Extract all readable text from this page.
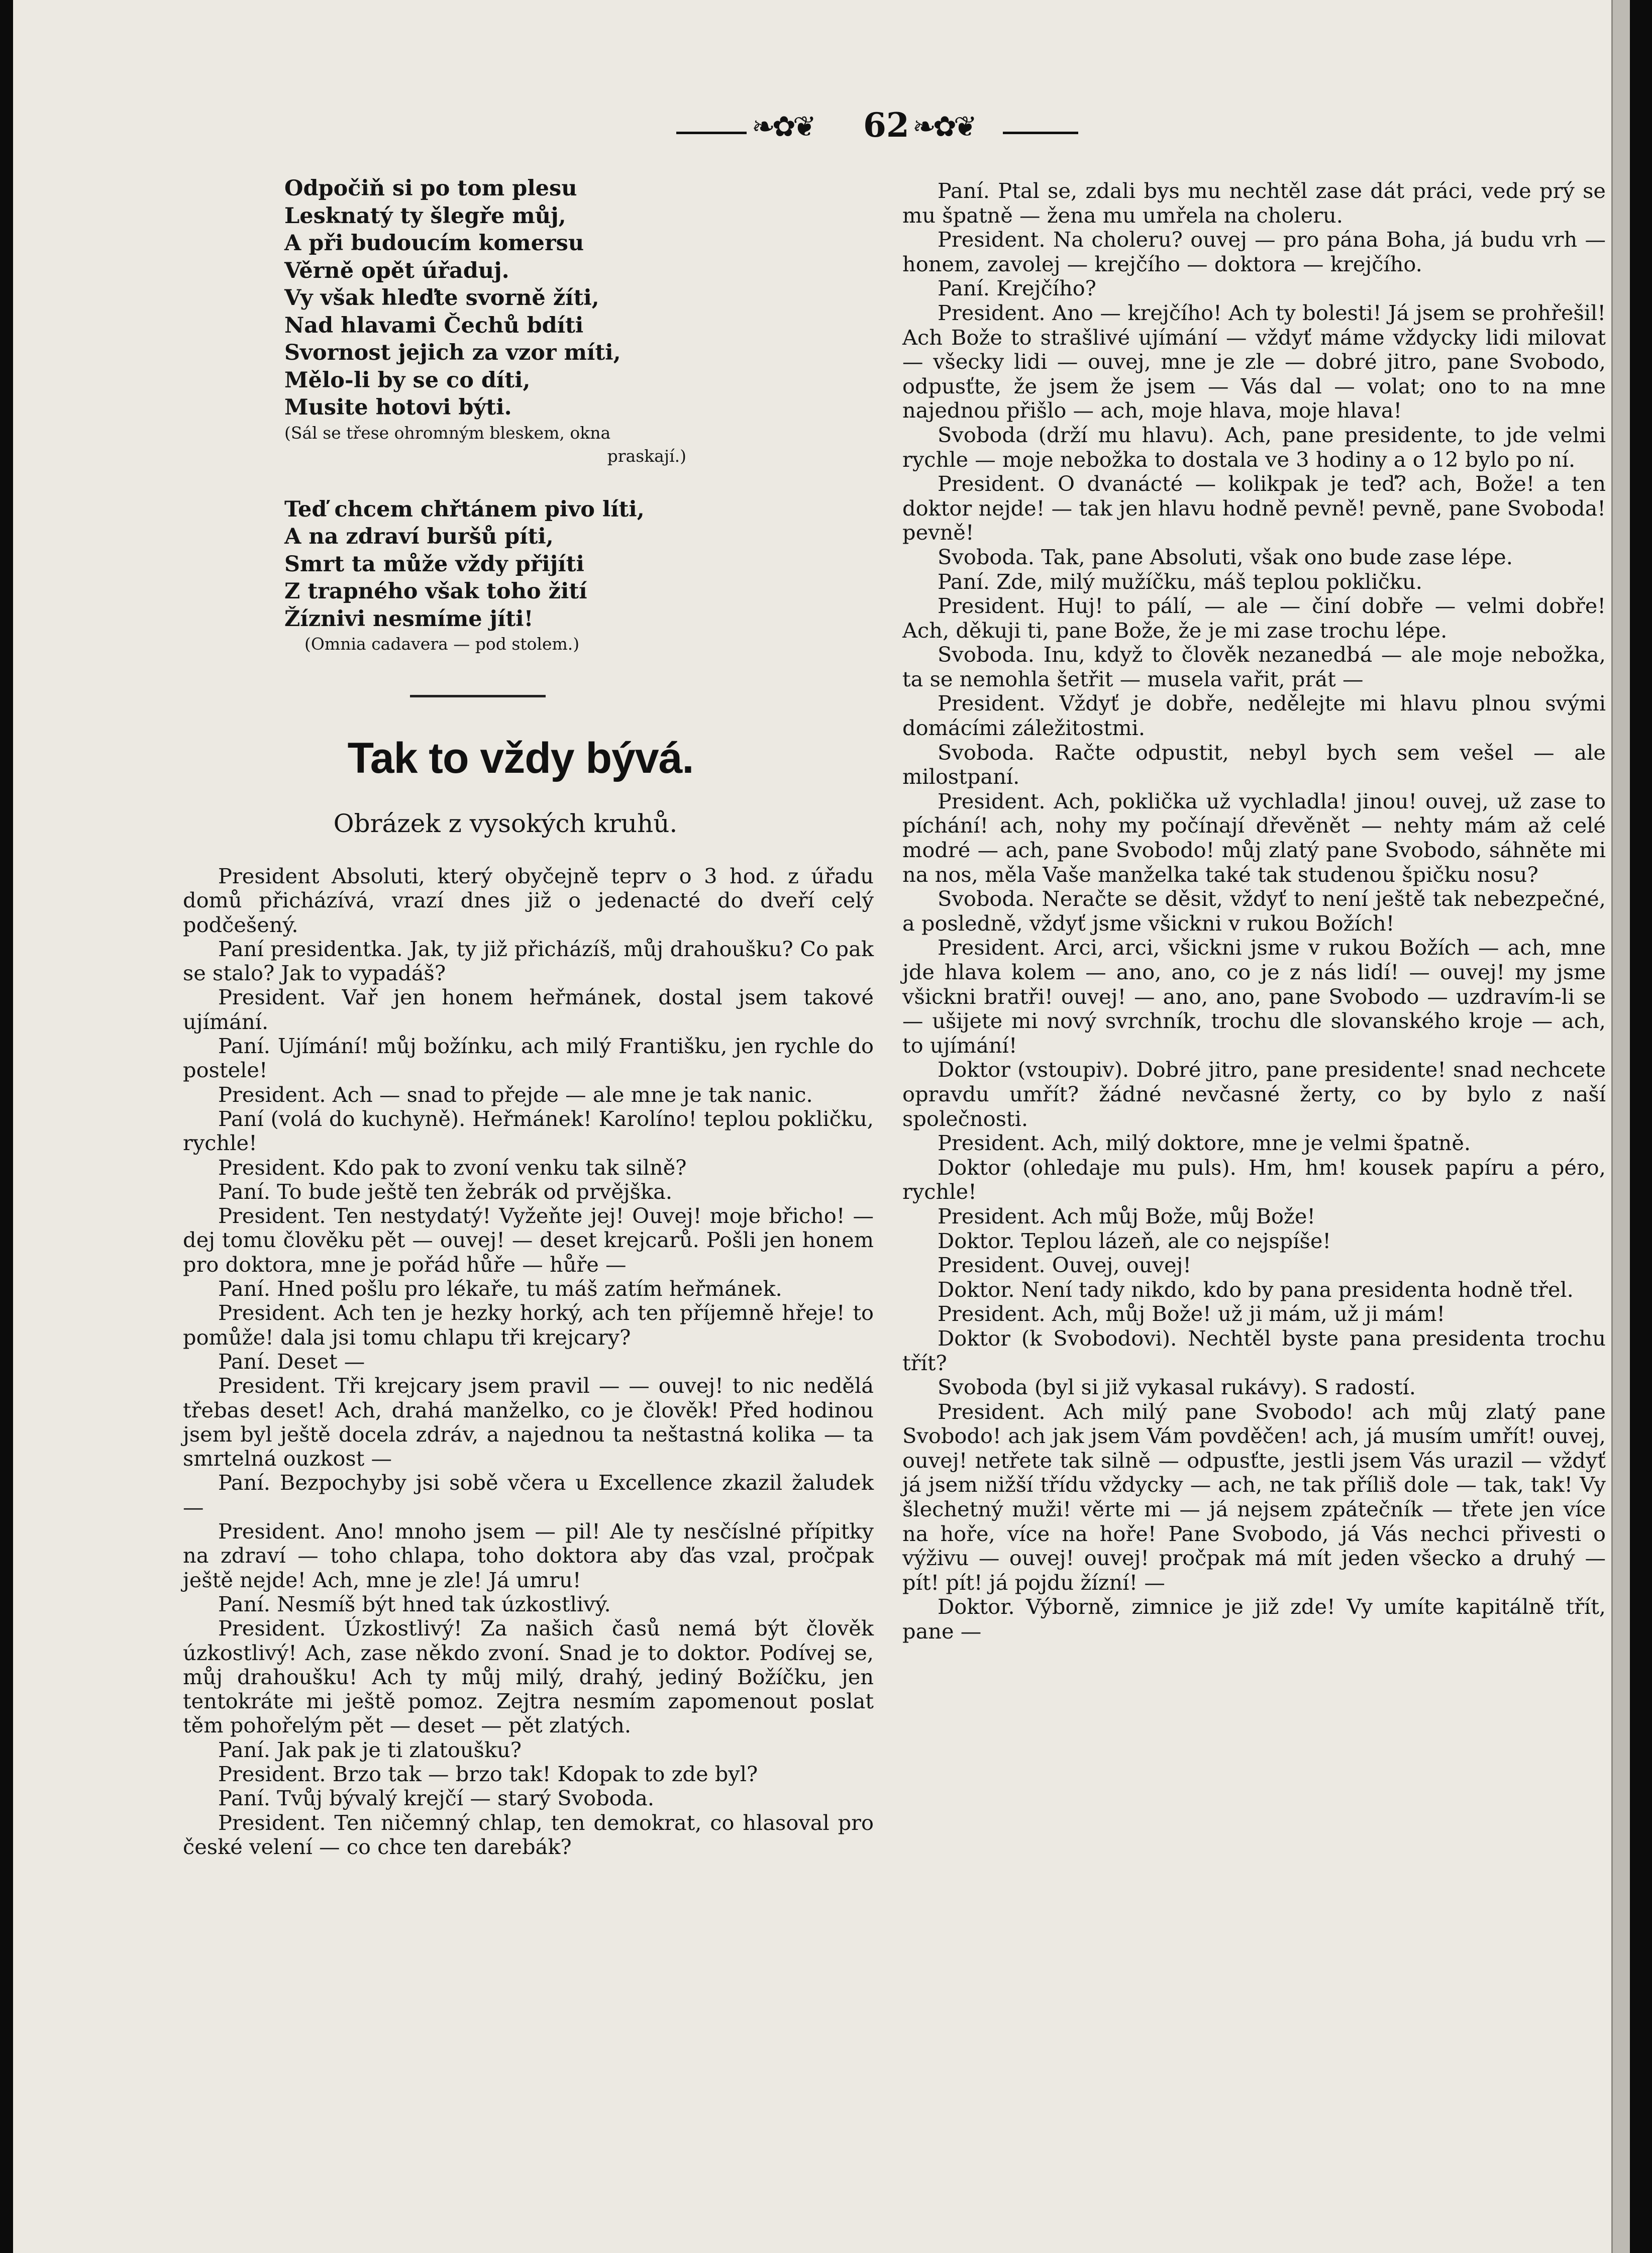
❧✿❦ 62 ❧✿❦

Odpočiň si po tom plesu

Lesknatý ty šlegře můj,

A při budoucím komersu

Věrně opět úřaduj.

Vy však hleďte svorně žíti,

Nad hlavami Čechů bdíti

Svornost jejich za vzor míti,

Mělo-li by se co díti,

Musite hotovi býti.

(Sál se třese ohromným bleskem, okna

praskají.)

Teď chcem chřtánem pivo líti,

A na zdraví buršů píti,

Smrt ta může vždy přijíti

Z trapného však toho žití

Žíznivi nesmíme jíti!

(Omnia cadavera — pod stolem.)

Tak to vždy bývá.
Obrázek z vysokých kruhů.

President Absoluti, který obyčejně teprv o 3 hod. z úřadu domů přicházívá, vrazí dnes již o jedenacté do dveří celý podčešený.

Paní presidentka. Jak, ty již přicházíš, můj drahoušku? Co pak se stalo? Jak to vypadáš?

President. Vař jen honem heřmánek, dostal jsem takové ujímání.

Paní. Ujímání! můj božínku, ach milý Františku, jen rychle do postele!

President. Ach — snad to přejde — ale mne je tak nanic.

Paní (volá do kuchyně). Heřmánek! Karolíno! teplou pokličku, rychle!

President. Kdo pak to zvoní venku tak silně?

Paní. To bude ještě ten žebrák od prvějška.

President. Ten nestydatý! Vyžeňte jej! Ouvej! moje břicho! — dej tomu člověku pět — ouvej! — deset krejcarů. Pošli jen honem pro doktora, mne je pořád hůře — hůře —

Paní. Hned pošlu pro lékaře, tu máš zatím heřmánek.

President. Ach ten je hezky horký, ach ten příjemně hřeje! to pomůže! dala jsi tomu chlapu tři krejcary?

Paní. Deset —

President. Tři krejcary jsem pravil — — ouvej! to nic nedělá třebas deset! Ach, drahá manželko, co je člověk! Před hodinou jsem byl ještě docela zdráv, a najednou ta neštastná kolika — ta smrtelná ouzkost —

Paní. Bezpochyby jsi sobě včera u Excellence zkazil žaludek —

President. Ano! mnoho jsem — pil! Ale ty nesčíslné přípitky na zdraví — toho chlapa, toho doktora aby ďas vzal, pročpak ještě nejde! Ach, mne je zle! Já umru!

Paní. Nesmíš být hned tak úzkostlivý.

President. Úzkostlivý! Za našich časů nemá být člověk úzkostlivý! Ach, zase někdo zvoní. Snad je to doktor. Podívej se, můj drahoušku! Ach ty můj milý, drahý, jediný Božíčku, jen tentokráte mi ještě pomoz. Zejtra nesmím zapomenout poslat těm pohořelým pět — deset — pět zlatých.

Paní. Jak pak je ti zlatoušku?

President. Brzo tak — brzo tak! Kdopak to zde byl?

Paní. Tvůj bývalý krejčí — starý Svoboda.

President. Ten ničemný chlap, ten demokrat, co hlasoval pro české velení — co chce ten darebák?

Paní. Ptal se, zdali bys mu nechtěl zase dát práci, vede prý se mu špatně — žena mu umřela na choleru.

President. Na choleru? ouvej — pro pána Boha, já budu vrh — honem, zavolej — krejčího — doktora — krejčího.

Paní. Krejčího?

President. Ano — krejčího! Ach ty bolesti! Já jsem se prohřešil! Ach Bože to strašlivé ujímání — vždyť máme vždycky lidi milovat — všecky lidi — ouvej, mne je zle — dobré jitro, pane Svobodo, odpusťte, že jsem že jsem — Vás dal — volat; ono to na mne najednou přišlo — ach, moje hlava, moje hlava!

Svoboda (drží mu hlavu). Ach, pane presidente, to jde velmi rychle — moje nebožka to dostala ve 3 hodiny a o 12 bylo po ní.

President. O dvanácté — kolikpak je teď? ach, Bože! a ten doktor nejde! — tak jen hlavu hodně pevně! pevně, pane Svoboda! pevně!

Svoboda. Tak, pane Absoluti, však ono bude zase lépe.

Paní. Zde, milý mužíčku, máš teplou pokličku.

President. Huj! to pálí, — ale — činí dobře — velmi dobře! Ach, děkuji ti, pane Bože, že je mi zase trochu lépe.

Svoboda. Inu, když to člověk nezanedbá — ale moje nebožka, ta se nemohla šetřit — musela vařit, prát —

President. Vždyť je dobře, nedělejte mi hlavu plnou svými domácími záležitostmi.

Svoboda. Račte odpustit, nebyl bych sem vešel — ale milostpaní.

President. Ach, poklička už vychladla! jinou! ouvej, už zase to píchání! ach, nohy my počínají dřevěnět — nehty mám až celé modré — ach, pane Svobodo! můj zlatý pane Svobodo, sáhněte mi na nos, měla Vaše manželka také tak studenou špičku nosu?

Svoboda. Neračte se děsit, vždyť to není ještě tak nebezpečné, a posledně, vždyť jsme všickni v rukou Božích!

President. Arci, arci, všickni jsme v rukou Božích — ach, mne jde hlava kolem — ano, ano, co je z nás lidí! — ouvej! my jsme všickni bratři! ouvej! — ano, ano, pane Svobodo — uzdravím-li se — ušijete mi nový svrchník, trochu dle slovanského kroje — ach, to ujímání!

Doktor (vstoupiv). Dobré jitro, pane presidente! snad nechcete opravdu umřít? žádné nevčasné žerty, co by bylo z naší společnosti.

President. Ach, milý doktore, mne je velmi špatně.

Doktor (ohledaje mu puls). Hm, hm! kousek papíru a péro, rychle!

President. Ach můj Bože, můj Bože!

Doktor. Teplou lázeň, ale co nejspíše!

President. Ouvej, ouvej!

Doktor. Není tady nikdo, kdo by pana presidenta hodně třel.

President. Ach, můj Bože! už ji mám, už ji mám!

Doktor (k Svobodovi). Nechtěl byste pana presidenta trochu třít?

Svoboda (byl si již vykasal rukávy). S radostí.

President. Ach milý pane Svobodo! ach můj zlatý pane Svobodo! ach jak jsem Vám povděčen! ach, já musím umřít! ouvej, ouvej! netřete tak silně — odpusťte, jestli jsem Vás urazil — vždyť já jsem nižší třídu vždycky — ach, ne tak příliš dole — tak, tak! Vy šlechetný muži! věrte mi — já nejsem zpátečník — třete jen více na hoře, více na hoře! Pane Svobodo, já Vás nechci přivesti o výživu — ouvej! ouvej! pročpak má mít jeden všecko a druhý — pít! pít! já pojdu žízní! —

Doktor. Výborně, zimnice je již zde! Vy umíte kapitálně třít, pane —
